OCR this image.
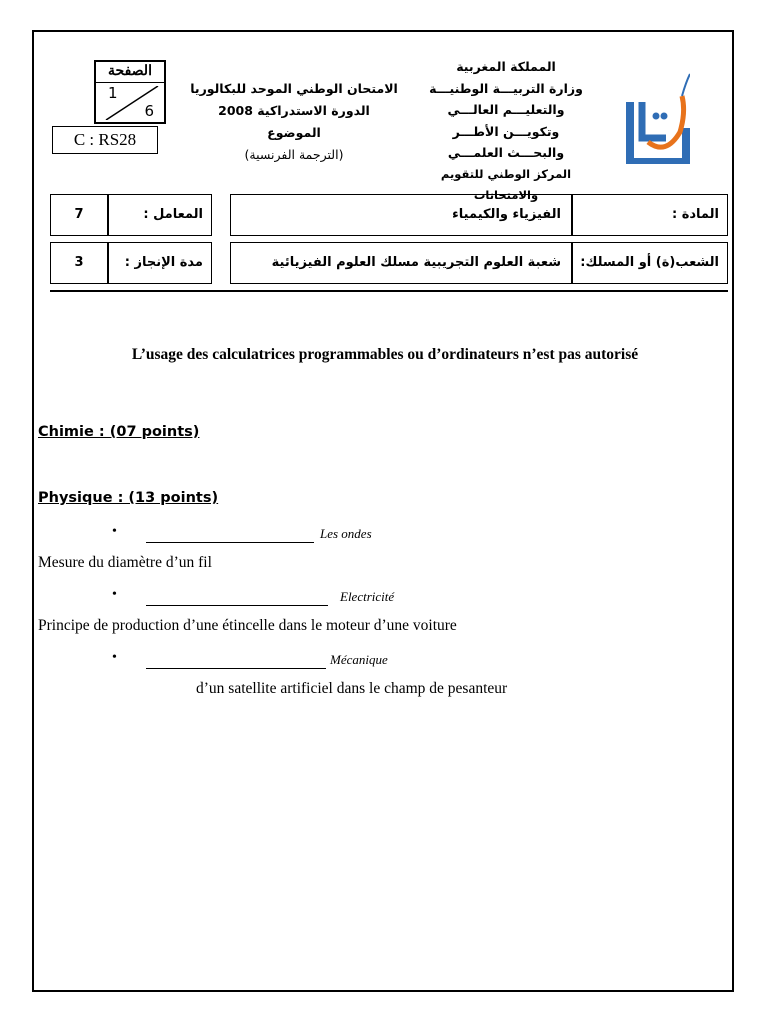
الصفحة
1
6
C : RS28
الامتحان الوطني الموحد للبكالوريا
الدورة الاستدراكية 2008
الموضوع
(الترجمة الفرنسية)
المملكة المغربية
وزارة التربيـــة الوطنيـــة
والتعليـــم العالـــي
وتكويـــن الأطـــر
والبحـــث العلمـــي
المركز الوطني للتقويم والامتحانات
7	المعامل :	الفيزياء والكيمياء	المادة :
3	مدة الإنجاز :	شعبة العلوم التجريبية مسلك العلوم الفيزيائية	الشعب(ة) أو المسلك:
L’usage des calculatrices programmables ou d’ordinateurs n’est pas autorisé
Chimie : (07 points)
Physique : (13 points)
•	Les ondes
Mesure du diamètre d’un fil
•	Electricité
Principe de production d’une étincelle dans le moteur d’une voiture
•	Mécanique
d’un satellite artificiel dans le champ de pesanteur
